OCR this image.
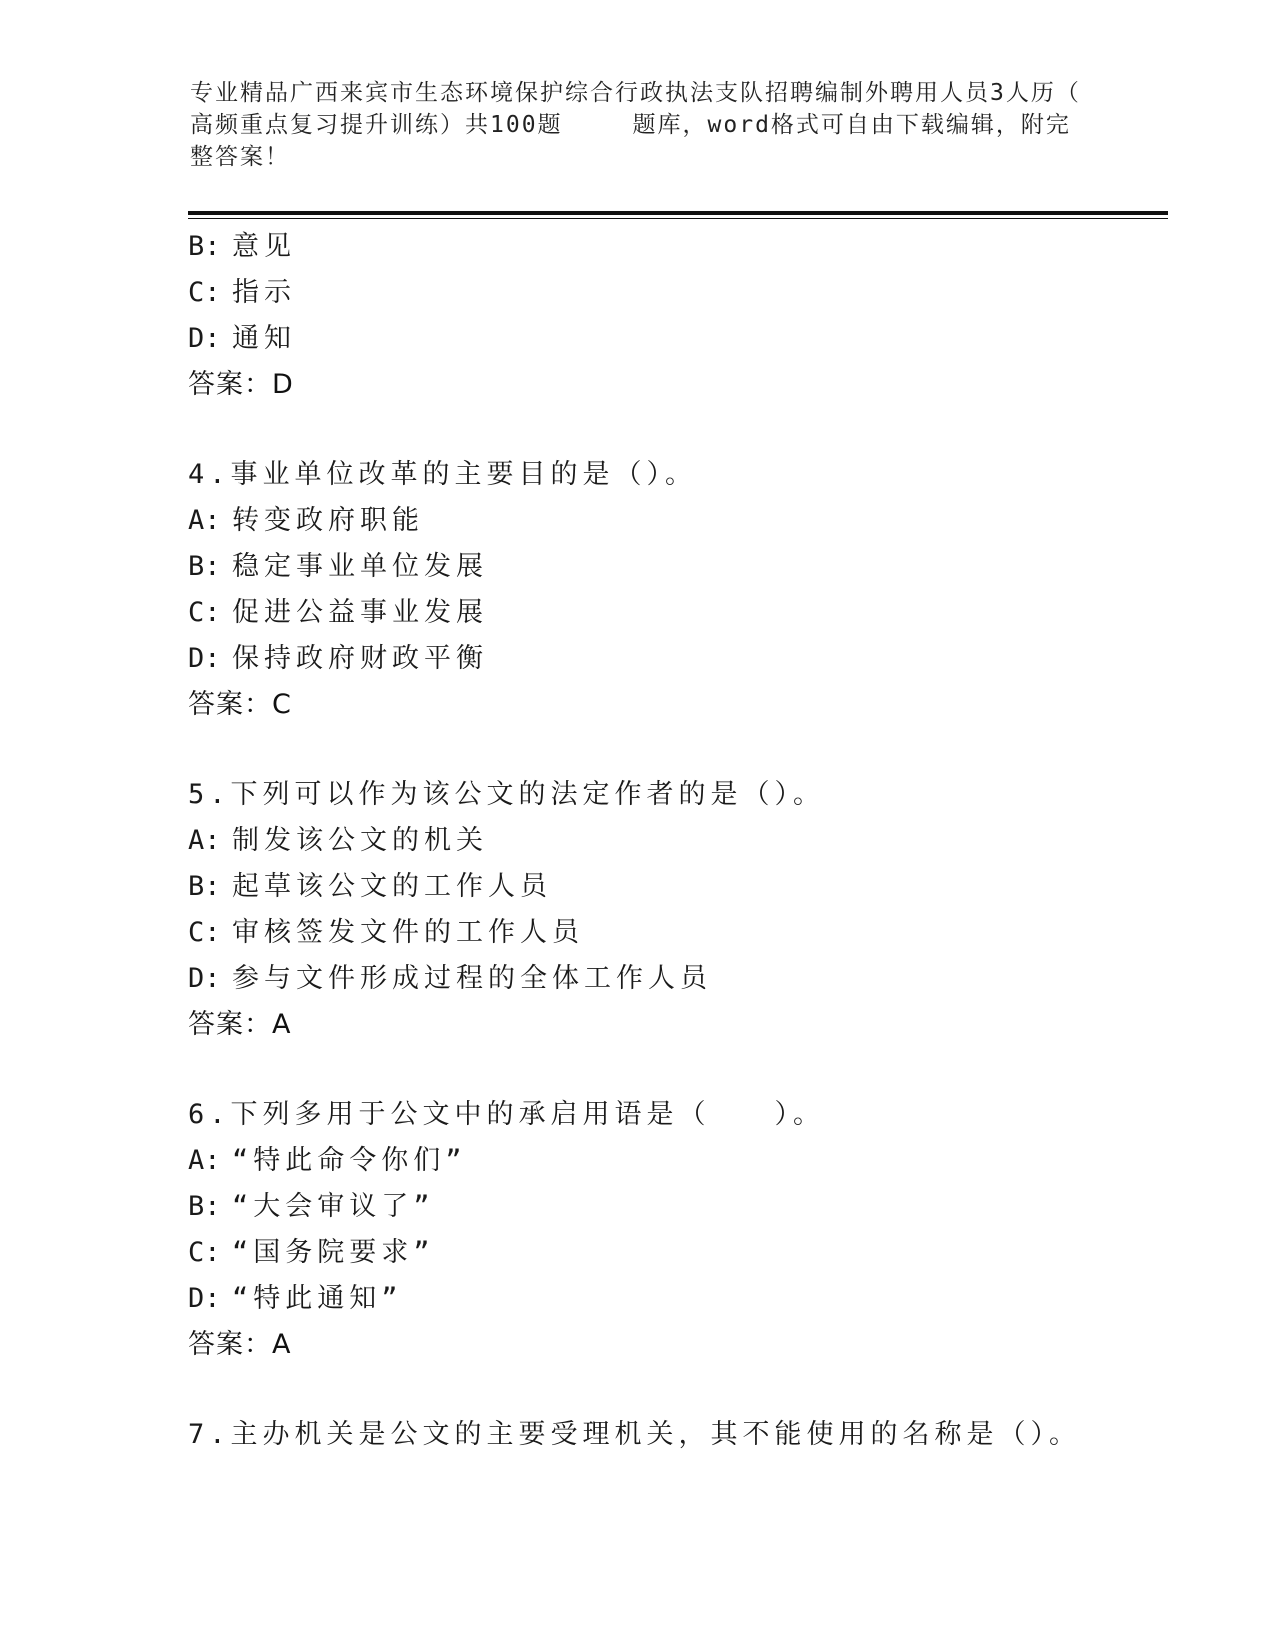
专业精品广西来宾市生态环境保护综合行政执法支队招聘编制外聘用人员3人历（
高频重点复习提升训练）共100题	题库，word格式可自由下载编辑，附完
整答案！
B: 意见
C: 指示
D: 通知
答案：D
4.事业单位改革的主要目的是（）。
A: 转变政府职能
B: 稳定事业单位发展
C: 促进公益事业发展
D: 保持政府财政平衡
答案：C
5.下列可以作为该公文的法定作者的是（）。
A: 制发该公文的机关
B: 起草该公文的工作人员
C: 审核签发文件的工作人员
D: 参与文件形成过程的全体工作人员
答案：A
6.下列多用于公文中的承启用语是（　　）。
A: “特此命令你们”
B: “大会审议了”
C: “国务院要求”
D: “特此通知”
答案：A
7.主办机关是公文的主要受理机关，其不能使用的名称是（）。
